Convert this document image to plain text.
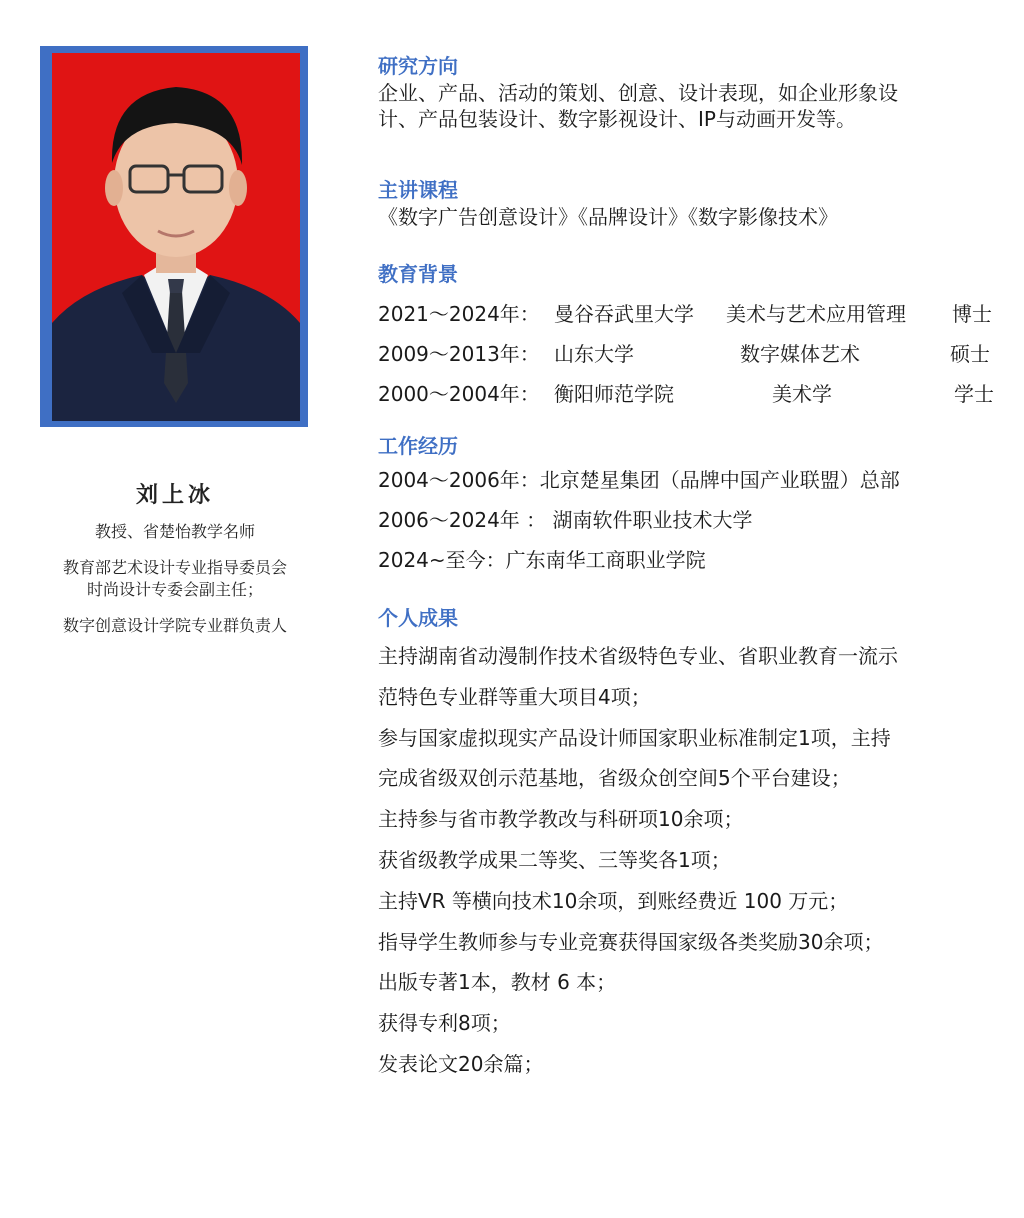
刘上冰

教授、省楚怡教学名师

教育部艺术设计专业指导委员会
时尚设计专委会副主任；

数字创意设计学院专业群负责人

研究方向

企业、产品、活动的策划、创意、设计表现，如企业形象设

计、产品包装设计、数字影视设计、IP与动画开发等。

主讲课程

《数字广告创意设计》《品牌设计》《数字影像技术》

教育背景

2021～2024年： 曼谷吞武里大学 美术与艺术应用管理 博士
2009～2013年： 山东大学	数字媒体艺术	硕士
2000～2004年： 衡阳师范学院	美术学	学士

工作经历

2004～2006年：北京楚星集团（品牌中国产业联盟）总部

2006～2024年 ： 湖南软件职业技术大学

2024~至今：广东南华工商职业学院

个人成果

主持湖南省动漫制作技术省级特色专业、省职业教育一流示

范特色专业群等重大项目4项；

参与国家虚拟现实产品设计师国家职业标准制定1项，主持

完成省级双创示范基地，省级众创空间5个平台建设；

主持参与省市教学教改与科研项10余项；

获省级教学成果二等奖、三等奖各1项；

主持VR 等横向技术10余项，到账经费近 100 万元；

指导学生教师参与专业竞赛获得国家级各类奖励30余项；

出版专著1本，教材 6 本；

获得专利8项；

发表论文20余篇；
